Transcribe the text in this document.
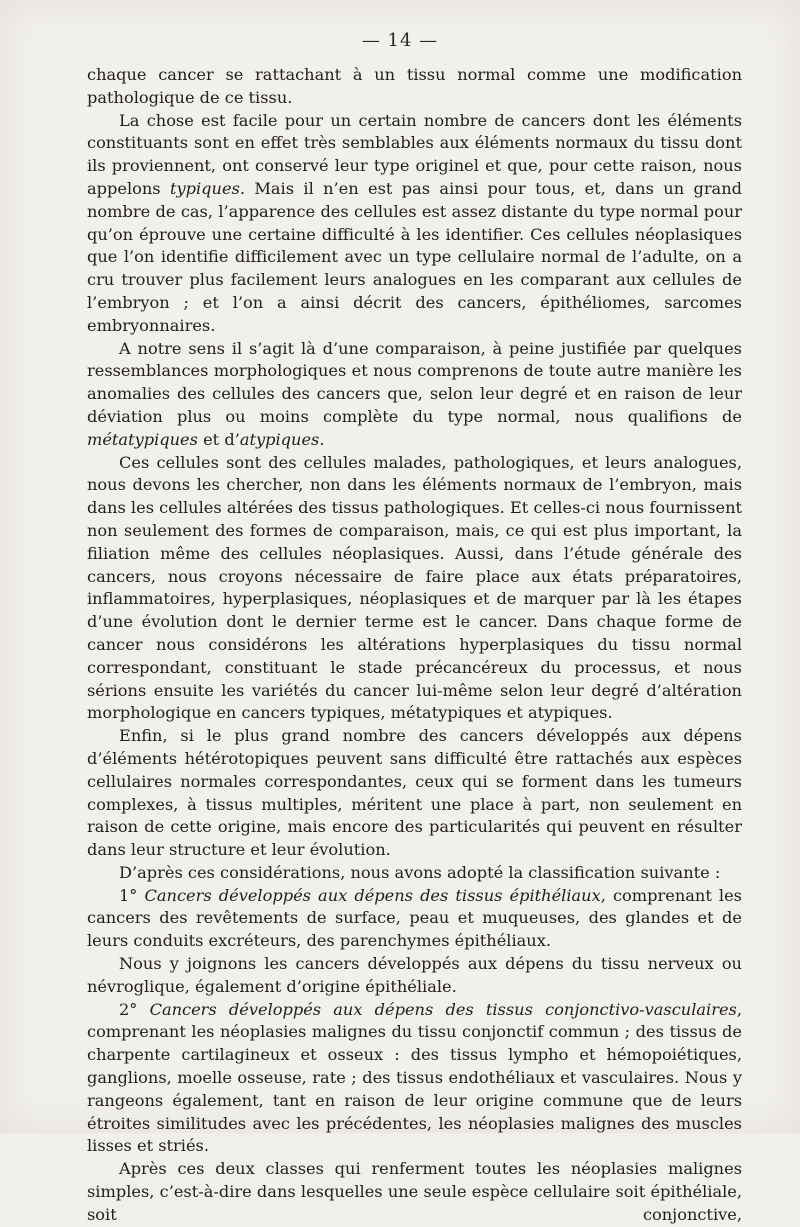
— 14 —

chaque cancer se rattachant à un tissu normal comme une modification pathologique de ce tissu.

La chose est facile pour un certain nombre de cancers dont les éléments constituants sont en effet très semblables aux éléments normaux du tissu dont ils proviennent, ont conservé leur type originel et que, pour cette raison, nous appelons typiques. Mais il n’en est pas ainsi pour tous, et, dans un grand nombre de cas, l’apparence des cellules est assez distante du type normal pour qu’on éprouve une certaine difficulté à les identifier. Ces cellules néoplasiques que l’on identifie difficilement avec un type cellulaire normal de l’adulte, on a cru trouver plus facilement leurs analogues en les comparant aux cellules de l’embryon ; et l’on a ainsi décrit des cancers, épithéliomes, sarcomes embryonnaires.

A notre sens il s’agit là d’une comparaison, à peine justifiée par quelques ressemblances morphologiques et nous comprenons de toute autre manière les anomalies des cellules des cancers que, selon leur degré et en raison de leur déviation plus ou moins complète du type normal, nous qualifions de métatypiques et d’atypiques.

Ces cellules sont des cellules malades, pathologiques, et leurs analogues, nous devons les chercher, non dans les éléments normaux de l’embryon, mais dans les cellules altérées des tissus pathologiques. Et celles-ci nous fournissent non seulement des formes de comparaison, mais, ce qui est plus important, la filiation même des cellules néoplasiques. Aussi, dans l’étude générale des cancers, nous croyons nécessaire de faire place aux états préparatoires, inflammatoires, hyperplasiques, néoplasiques et de marquer par là les étapes d’une évolution dont le dernier terme est le cancer. Dans chaque forme de cancer nous considérons les altérations hyperplasiques du tissu normal correspondant, constituant le stade précancéreux du processus, et nous sérions ensuite les variétés du cancer lui-même selon leur degré d’altération morphologique en cancers typiques, métatypiques et atypiques.

Enfin, si le plus grand nombre des cancers développés aux dépens d’éléments hétérotopiques peuvent sans difficulté être rattachés aux espèces cellulaires normales correspondantes, ceux qui se forment dans les tumeurs complexes, à tissus multiples, méritent une place à part, non seulement en raison de cette origine, mais encore des particularités qui peuvent en résulter dans leur structure et leur évolution.

D’après ces considérations, nous avons adopté la classification suivante :

1° Cancers développés aux dépens des tissus épithéliaux, comprenant les cancers des revêtements de surface, peau et muqueuses, des glandes et de leurs conduits excréteurs, des parenchymes épithéliaux.

Nous y joignons les cancers développés aux dépens du tissu nerveux ou névroglique, également d’origine épithéliale.

2° Cancers développés aux dépens des tissus conjonctivo-vasculaires, comprenant les néoplasies malignes du tissu conjonctif commun ; des tissus de charpente cartilagineux et osseux : des tissus lympho et hémopoiétiques, ganglions, moelle osseuse, rate ; des tissus endothéliaux et vasculaires. Nous y rangeons également, tant en raison de leur origine commune que de leurs étroites similitudes avec les précédentes, les néoplasies malignes des muscles lisses et striés.

Après ces deux classes qui renferment toutes les néoplasies malignes simples, c’est-à-dire dans lesquelles une seule espèce cellulaire soit épithéliale, soit conjonctive,
